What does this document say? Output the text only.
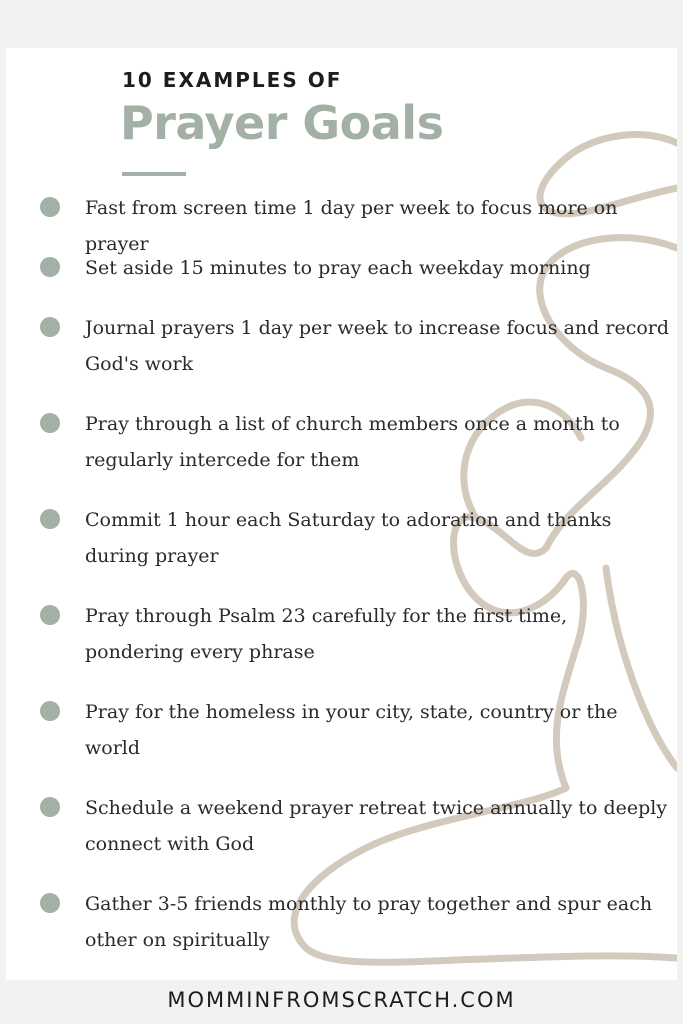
10 EXAMPLES OF
Prayer Goals

Fast from screen time 1 day per week to focus more on prayer

Set aside 15 minutes to pray each weekday morning

Journal prayers 1 day per week to increase focus and record God's work

Pray through a list of church members once a month to regularly intercede for them

Commit 1 hour each Saturday to adoration and thanks during prayer

Pray through Psalm 23 carefully for the first time, pondering every phrase

Pray for the homeless in your city, state, country or the world

Schedule a weekend prayer retreat twice annually to deeply connect with God

Gather 3-5 friends monthly to pray together and spur each other on spiritually

MOMMINFROMSCRATCH.COM
